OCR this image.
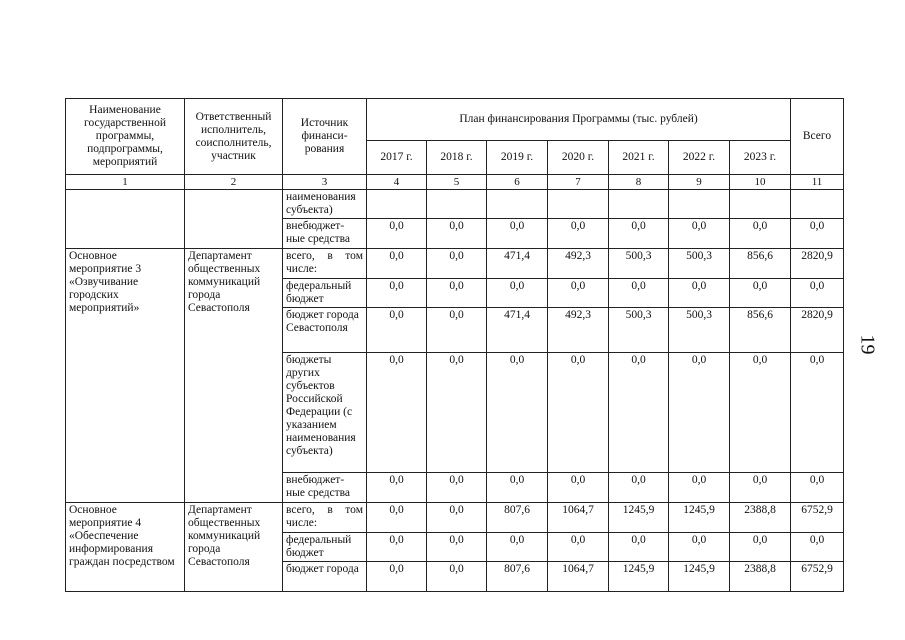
Наименование государственной программы, подпрограммы, мероприятий	Ответственный исполнитель, соисполнитель, участник	Источник финанси-рования	План финансирования Программы (тыс. рублей)							Всего
			2017 г.	2018 г.	2019 г.	2020 г.	2021 г.	2022 г.	2023 г.	
1	2	3	4	5	6	7	8	9	10	11
		наименования субъекта)								
		внебюджет-ные средства	0,0	0,0	0,0	0,0	0,0	0,0	0,0	0,0
Основное мероприятие 3 «Озвучивание городских мероприятий»	Департамент общественных коммуникаций города Севастополя	всего, в том числе:	0,0	0,0	471,4	492,3	500,3	500,3	856,6	2820,9
		федеральный бюджет	0,0	0,0	0,0	0,0	0,0	0,0	0,0	0,0
		бюджет города Севастополя	0,0	0,0	471,4	492,3	500,3	500,3	856,6	2820,9
		бюджеты других субъектов Российской Федерации (с указанием наименования субъекта)	0,0	0,0	0,0	0,0	0,0	0,0	0,0	0,0
		внебюджет-ные средства	0,0	0,0	0,0	0,0	0,0	0,0	0,0	0,0
Основное мероприятие 4 «Обеспечение информирования граждан посредством	Департамент общественных коммуникаций города Севастополя	всего, в том числе:	0,0	0,0	807,6	1064,7	1245,9	1245,9	2388,8	6752,9
		федеральный бюджет	0,0	0,0	0,0	0,0	0,0	0,0	0,0	0,0
		бюджет города	0,0	0,0	807,6	1064,7	1245,9	1245,9	2388,8	6752,9
19
